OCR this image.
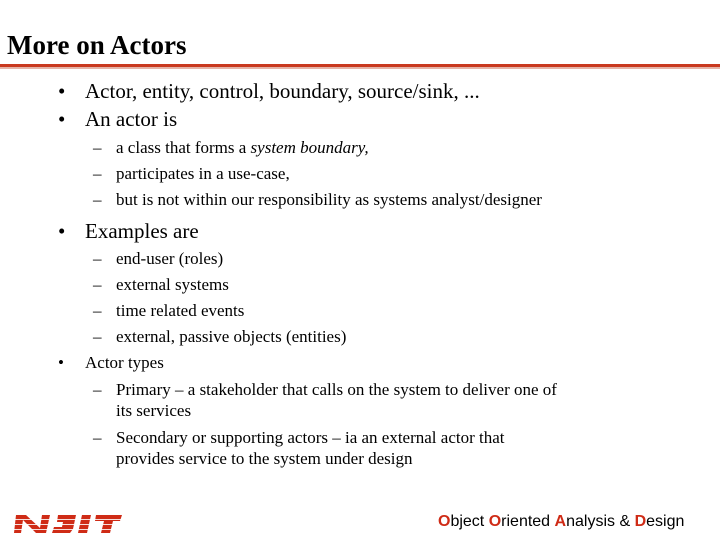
More on Actors
• Actor, entity, control, boundary, source/sink, ...
• An actor is
– a class that forms a system boundary,
– participates in a use-case,
– but is not within our responsibility as systems analyst/designer
• Examples are
– end-user (roles)
– external systems
– time related events
– external, passive objects (entities)
• Actor types
– Primary – a stakeholder that calls on the system to deliver one of
its services
– Secondary or supporting actors – ia an external actor that
provides service to the system under design
Object Oriented Analysis & Design
